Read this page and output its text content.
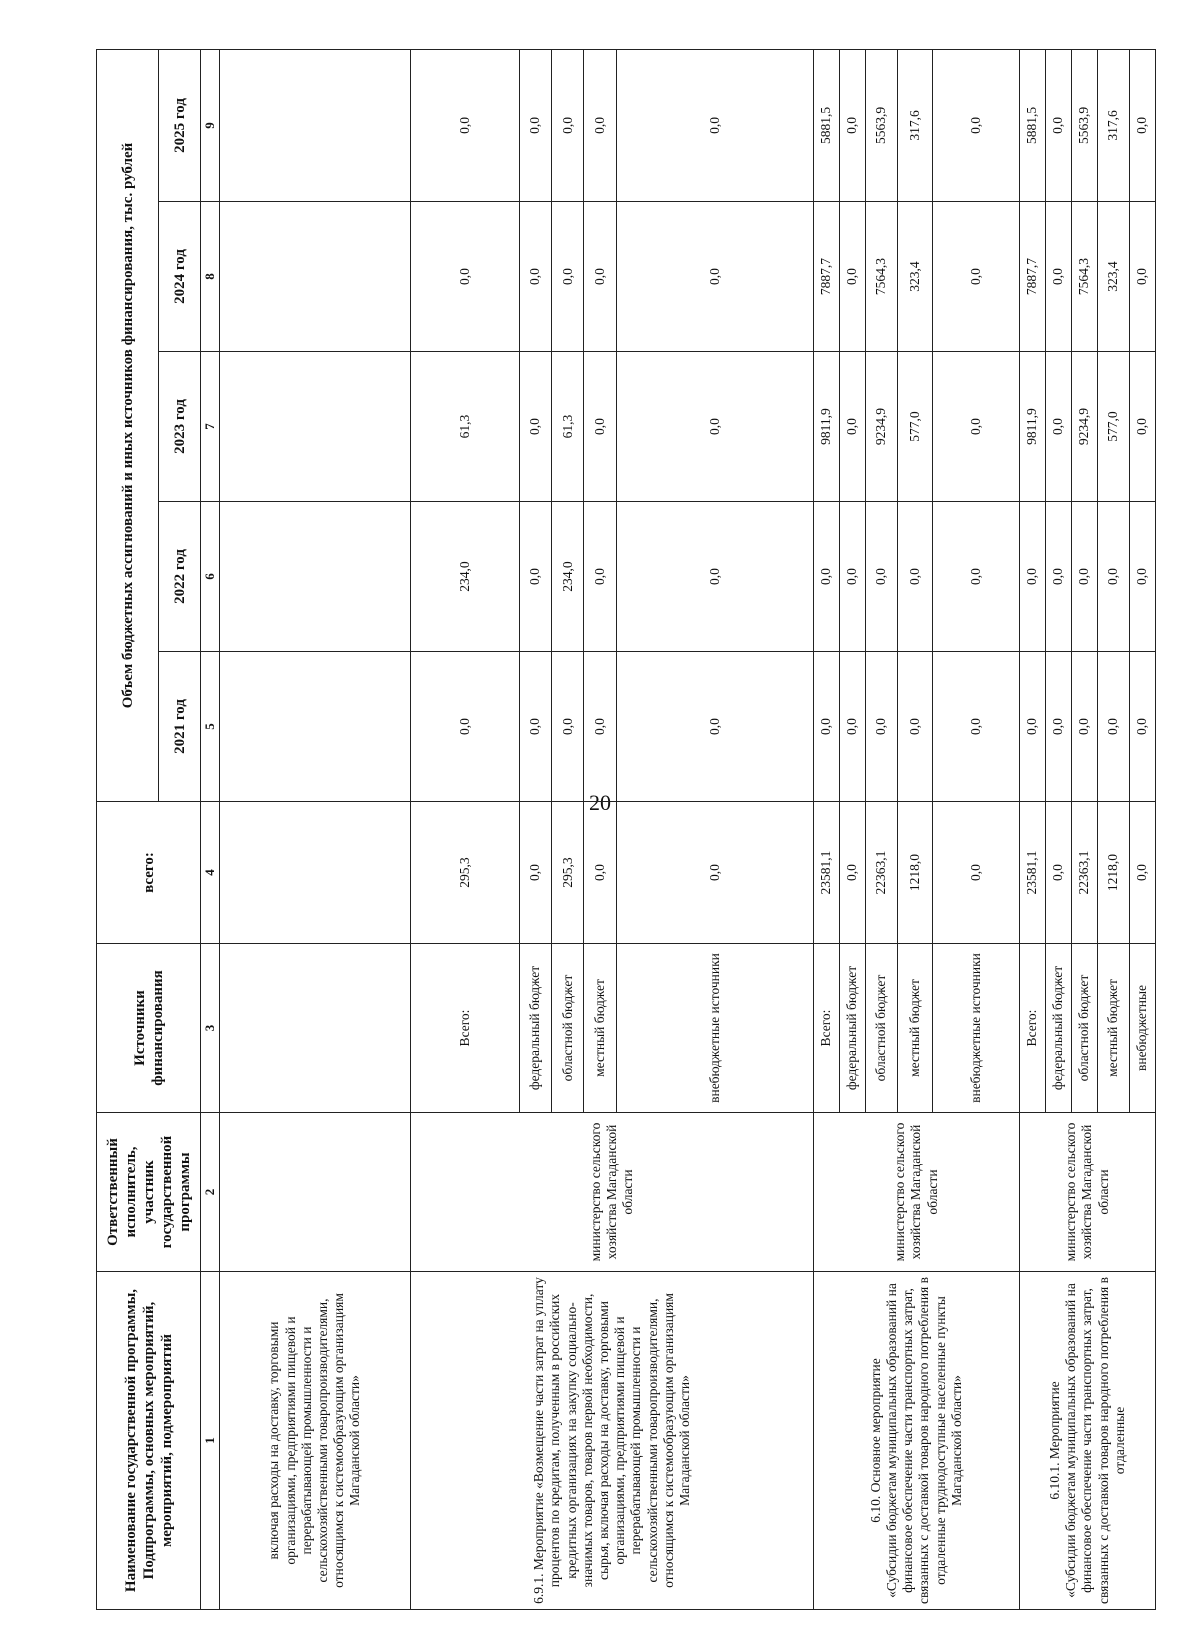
20
Наименование государственной программы, Подпрограммы, основных мероприятий, мероприятий, подмероприятий	Ответственный исполнитель, участник государственной программы	Источники финансирования	всего:	Объем бюджетных ассигнований и иных источников финансирования, тыс. рублей				
				2021 год	2022 год	2023 год	2024 год	2025 год
1	2	3	4	5	6	7	8	9

включая расходы на доставку, торговыми организациями, предприятиями пищевой и перерабатывающей промышленности и сельскохозяйственными товаропроизводителями, относящимся к системообразующим организациям Магаданской области»								

6.9.1. Мероприятие «Возмещение части затрат на уплату процентов по кредитам, полученным в российских кредитных организациях на закупку социально-значимых товаров, товаров первой необходимости, сырья, включая расходы на доставку, торговыми организациями, предприятиями пищевой и перерабатывающей промышленности и сельскохозяйственными товаропроизводителями, относящимся к системообразующим организациям Магаданской области»	министерство сельского хозяйства Магаданской области	Всего:	295,3	0,0	234,0	61,3	0,0	0,0
		федеральный бюджет	0,0	0,0	0,0	0,0	0,0	0,0
		областной бюджет	295,3	0,0	234,0	61,3	0,0	0,0
		местный бюджет	0,0	0,0	0,0	0,0	0,0	0,0
		внебюджетные источники	0,0	0,0	0,0	0,0	0,0	0,0

6.10. Основное мероприятие «Субсидии бюджетам муниципальных образований на финансовое обеспечение части транспортных затрат, связанных с доставкой товаров народного потребления в отдаленные труднодоступные населенные пункты Магаданской области»	министерство сельского хозяйства Магаданской области	Всего:	23581,1	0,0	0,0	9811,9	7887,7	5881,5
		федеральный бюджет	0,0	0,0	0,0	0,0	0,0	0,0
		областной бюджет	22363,1	0,0	0,0	9234,9	7564,3	5563,9
		местный бюджет	1218,0	0,0	0,0	577,0	323,4	317,6
		внебюджетные источники	0,0	0,0	0,0	0,0	0,0	0,0

6.10.1. Мероприятие «Субсидии бюджетам муниципальных образований на финансовое обеспечение части транспортных затрат, связанных с доставкой товаров народного потребления в отдаленные	министерство сельского хозяйства Магаданской области	Всего:	23581,1	0,0	0,0	9811,9	7887,7	5881,5
		федеральный бюджет	0,0	0,0	0,0	0,0	0,0	0,0
		областной бюджет	22363,1	0,0	0,0	9234,9	7564,3	5563,9
		местный бюджет	1218,0	0,0	0,0	577,0	323,4	317,6
		внебюджетные	0,0	0,0	0,0	0,0	0,0	0,0
